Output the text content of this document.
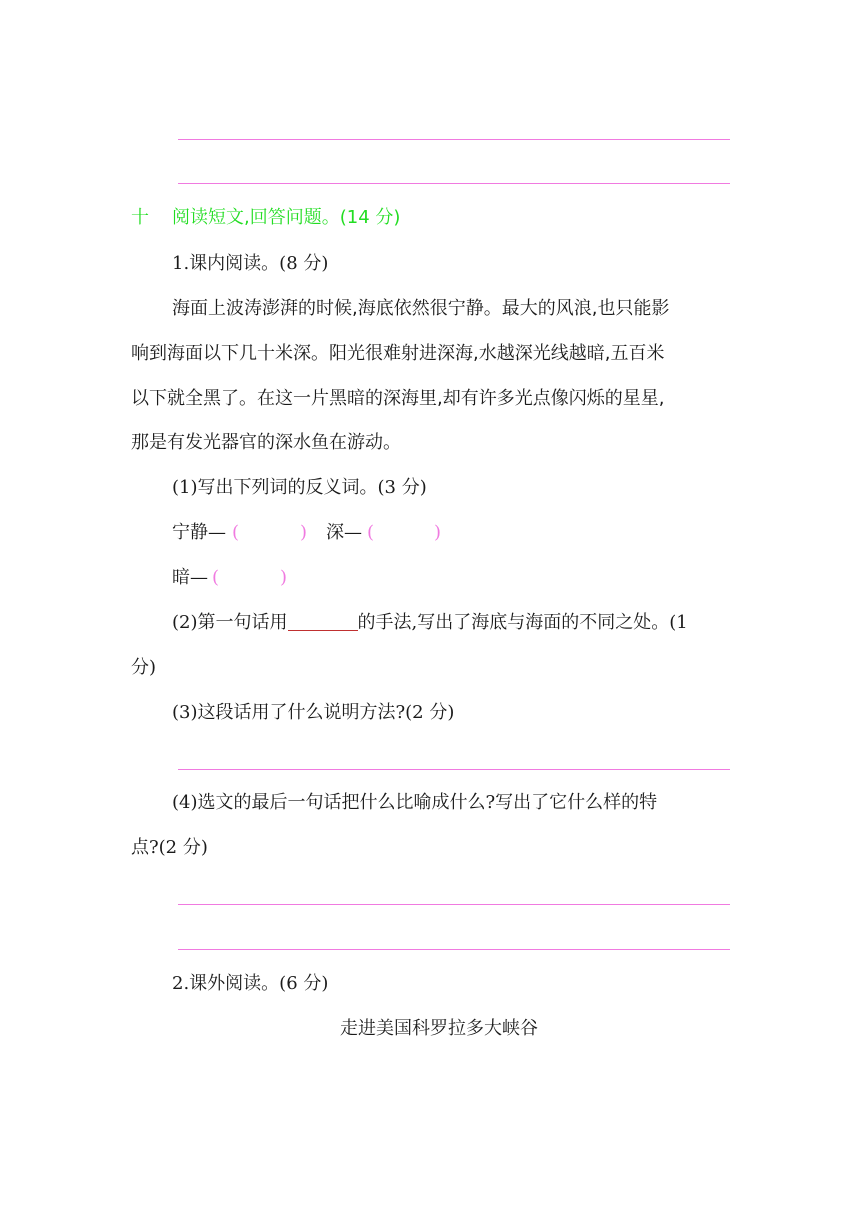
十 阅读短文,回答问题。(14 分)
1.课内阅读。(8 分)
海面上波涛澎湃的时候,海底依然很宁静。最大的风浪,也只能影
响到海面以下几十米深。阳光很难射进深海,水越深光线越暗,五百米
以下就全黑了。在这一片黑暗的深海里,却有许多光点像闪烁的星星,
那是有发光器官的深水鱼在游动。
(1)写出下列词的反义词。(3 分)
宁静— (	) 深— (	)
暗— (	)
(2)第一句话用	的手法,写出了海底与海面的不同之处。(1
分)
(3)这段话用了什么说明方法?(2 分)
(4)选文的最后一句话把什么比喻成什么?写出了它什么样的特
点?(2 分)
2.课外阅读。(6 分)
走进美国科罗拉多大峡谷
